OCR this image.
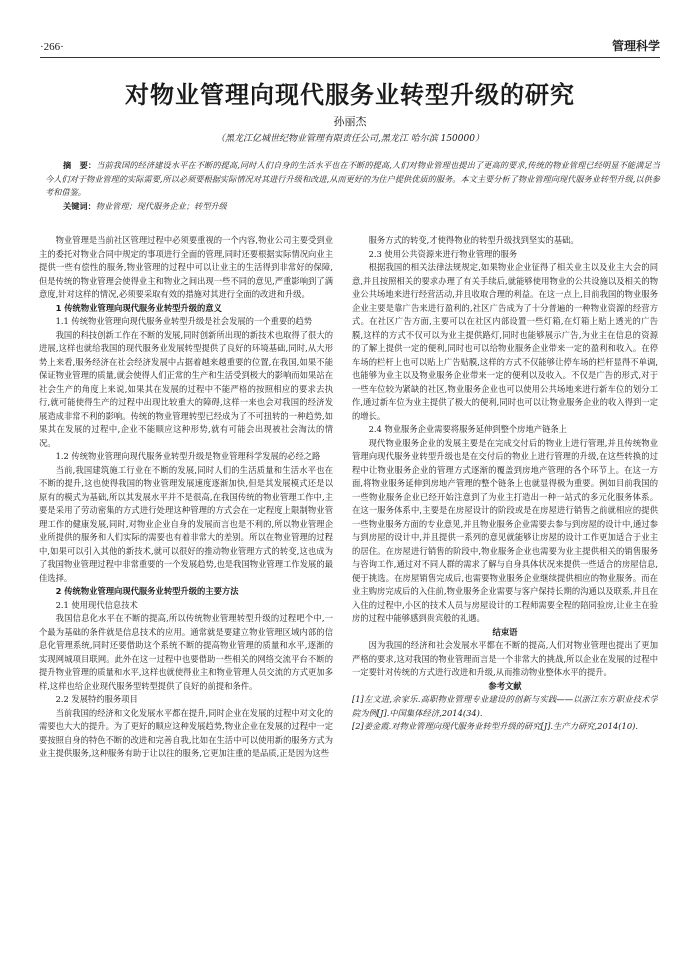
·266·	管理科学
对物业管理向现代服务业转型升级的研究
孙丽杰
（黑龙江亿城世纪物业管理有限责任公司,黑龙江 哈尔滨 150000）
摘　要：当前我国的经济建设水平在不断的提高,同时人们自身的生活水平也在不断的提高,人们对物业管理也提出了更高的要求,传统的物业管理已经明显不能满足当今人们对于物业管理的实际需要,所以必须要根据实际情况对其进行升级和改进,从而更好的为住户提供优质的服务。本文主要分析了物业管理向现代服务业转型升级,以供参考和借鉴。
关键词：物业管理；现代服务企业；转型升级

物业管理是当前社区管理过程中必须要重视的一个内容,物业公司主要受到业主的委托对物业合同中规定的事项进行全面的管理,同时还要根据实际情况向业主提供一些有偿性的服务,物业管理的过程中可以让业主的生活得到非常好的保障,但是传统的物业管理会使得业主和物业之间出现一些不同的意见,严重影响到了满意度,针对这样的情况,必须要采取有效的措施对其进行全面的改进和升级。

1 传统物业管理向现代服务业转型升级的意义

1.1 传统物业管理向现代服务业转型升级是社会发展的一个重要的趋势

我国的科技创新工作在不断的发展,同时创新所出现的新技术也取得了很大的进展,这样也就给我国的现代服务业发展转型提供了良好的环境基础,同时,从大形势上来看,服务经济在社会经济发展中占据着越来越重要的位置,在我国,如果不能保证物业管理的质量,就会使得人们正常的生产和生活受到极大的影响而如果站在社会生产的角度上来说,如果其在发展的过程中不能严格的按照相应的要求去执行,就可能使得生产的过程中出现比较重大的障碍,这样一来也会对我国的经济发展造成非常不利的影响。传统的物业管理转型已经成为了不可扭转的一种趋势,如果其在发展的过程中,企业不能顺应这种形势,就有可能会出现被社会淘汰的情况。

1.2 传统物业管理向现代服务业转型升级是物业管理科学发展的必经之路

当前,我国建筑施工行业在不断的发展,同时人们的生活质量和生活水平也在不断的提升,这也使得我国的物业管理发展速度逐渐加快,但是其发展模式还是以原有的模式为基础,所以其发展水平并不是很高,在我国传统的物业管理工作中,主要是采用了劳动密集的方式进行处理这种管理的方式会在一定程度上限制物业管理工作的健康发展,同时,对物业企业自身的发展而言也是不利的,所以物业管理企业所提供的服务和人们实际的需要也有着非常大的差别。所以在物业管理的过程中,如果可以引入其他的新技术,就可以很好的推动物业管理方式的转变,这也成为了我国物业管理过程中非常重要的一个发展趋势,也是我国物业管理工作发展的最佳选择。

2 传统物业管理向现代服务业转型升级的主要方法

2.1 使用现代信息技术

我国信息化水平在不断的提高,所以传统物业管理转型升级的过程吧个中,一个最为基础的条件就是信息技术的应用。通常就是要建立物业管理区域内部的信息化管理系统,同时还要借助这个系统不断的提高物业管理的质量和水平,逐渐的实现网城项目联网。此外在这一过程中也要借助一些相关的网络交流平台不断的提升物业管理的质量和水平,这样也就使得业主和物业管理人员交流的方式更加多样,这样也给企业现代服务型转型提供了良好的前提和条件。

2.2 发展特约服务项目

当前我国的经济和文化发展水平都在提升,同时企业在发展的过程中对文化的需要也大大的提升。为了更好的顺应这种发展趋势,物业企业在发展的过程中一定要按照自身的特色不断的改进和完善自我,比如在生活中可以使用新的服务方式为业主提供服务,这种服务有助于让以往的服务,它更加注重的是品质,正是因为这些

服务方式的转变,才使得物业的转型升级找到坚实的基础。

2.3 使用公共资源来进行物业管理的服务

根据我国的相关法律法规规定,如果物业企业征得了相关业主以及业主大会的同意,并且按照相关的要求办理了有关手续后,就能够使用物业的公共设施以及相关的物业公共场地来进行经营活动,并且收取合理的利益。在这一点上,目前我国的物业服务企业主要是靠广告来进行盈利的,社区广告成为了十分普遍的一种物业资源的经营方式。在社区广告方面,主要可以在社区内部设置一些灯箱,在灯箱上贴上透光的广告膜,这样的方式不仅可以为业主提供路灯,同时也能够展示广告,为业主在信息的资源的了解上提供一定的便利,同时也可以给物业服务企业带来一定的盈利和收入。在停车场的栏杆上也可以贴上广告贴膜,这样的方式不仅能够让停车场的栏杆显得不单调,也能够为业主以及物业服务企业带来一定的便利以及收入。不仅是广告的形式,对于一些车位较为紧缺的社区,物业服务企业也可以使用公共场地来进行新车位的划分工作,通过新车位为业主提供了极大的便利,同时也可以让物业服务企业的收入得到一定的增长。

2.4 物业服务企业需要将服务延伸到整个房地产链条上

现代物业服务企业的发展主要是在完成交付后的物业上进行管理,并且传统物业管理向现代服务业转型升级也是在交付后的物业上进行管理的升级,在这些转换的过程中让物业服务企业的管理方式逐渐的覆盖到房地产管理的各个环节上。在这一方面,将物业服务延伸到房地产管理的整个链条上也就显得极为重要。例如目前我国的一些物业服务企业已经开始注意到了为业主打造出一种一站式的多元化服务体系。在这一服务体系中,主要是在房屋设计的阶段或是在房屋进行销售之前就相应的提供一些物业服务方面的专业意见,并且物业服务企业需要去参与到房屋的设计中,通过参与到房屋的设计中,并且提供一系列的意见就能够让房屋的设计工作更加适合于业主的居住。在房屋进行销售的阶段中,物业服务企业也需要为业主提供相关的销售服务与咨询工作,通过对不同人群的需求了解与自身具体状况来提供一些适合的房屋信息,便于挑选。在房屋销售完成后,也需要物业服务企业继续提供相应的物业服务。而在业主购房完成后的入住前,物业服务企业需要与客户保持长期的沟通以及联系,并且在入住的过程中,小区的技术人员与房屋设计的工程师需要全程的陪同验房,让业主在验房的过程中能够感到贵宾般的礼遇。

结束语

因为我国的经济和社会发展水平都在不断的提高,人们对物业管理也提出了更加严格的要求,这对我国的物业管理而言是一个非常大的挑战,所以企业在发展的过程中一定要针对传统的方式进行改进和升级,从而推动物业整体水平的提升。

参考文献

[1]左文进,余家乐.高职物业管理专业建设的创新与实践——以浙江东方职业技术学院为例[J].中国集体经济,2014(34).

[2]姜金霞.对物业管理向现代服务业转型升级的研究[J].生产力研究,2014(10).
